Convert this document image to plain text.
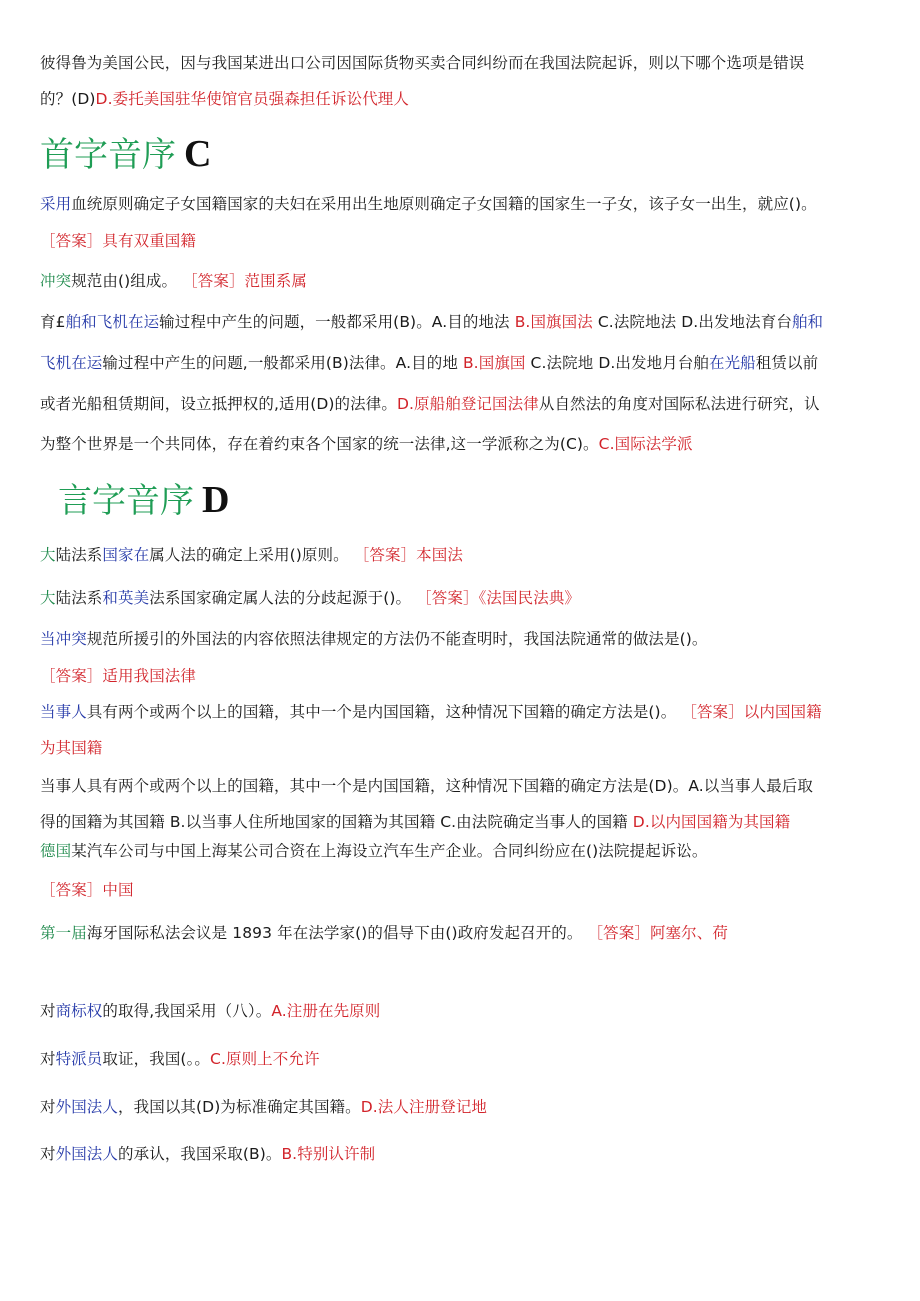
彼得鲁为美国公民，因与我国某进出口公司因国际货物买卖合同纠纷而在我国法院起诉，则以下哪个选项是错误
的？(D)D.委托美国驻华使馆官员强森担任诉讼代理人
首字音序 C
采用血统原则确定子女国籍国家的夫妇在采用出生地原则确定子女国籍的国家生一子女，该子女一出生，就应()。
［答案］具有双重国籍
冲突规范由()组成。 ［答案］范围系属
育£舶和飞机在运输过程中产生的问题，一般都采用(B)。A.目的地法 B.国旗国法 C.法院地法 D.出发地法育台舶和
飞机在运输过程中产生的问题,一般都采用(B)法律。A.目的地 B.国旗国 C.法院地 D.出发地月台舶在光船租赁以前
或者光船租赁期间，设立抵押权的,适用(D)的法律。D.原船舶登记国法律从自然法的角度对国际私法进行研究，认
为整个世界是一个共同体，存在着约束各个国家的统一法律,这一学派称之为(C)。C.国际法学派
言字音序 D
大陆法系国家在属人法的确定上采用()原则。 ［答案］本国法
大陆法系和英美法系国家确定属人法的分歧起源于()。 ［答案］《法国民法典》
当冲突规范所援引的外国法的内容依照法律规定的方法仍不能查明时，我国法院通常的做法是()。
［答案］适用我国法律
当事人具有两个或两个以上的国籍，其中一个是内国国籍，这种情况下国籍的确定方法是()。 ［答案］以内国国籍
为其国籍
当事人具有两个或两个以上的国籍，其中一个是内国国籍，这种情况下国籍的确定方法是(D)。A.以当事人最后取
得的国籍为其国籍 B.以当事人住所地国家的国籍为其国籍 C.由法院确定当事人的国籍 D.以内国国籍为其国籍
德国某汽车公司与中国上海某公司合资在上海设立汽车生产企业。合同纠纷应在()法院提起诉讼。
［答案］中国
第一届海牙国际私法会议是 1893 年在法学家()的倡导下由()政府发起召开的。 ［答案］阿塞尔、荷
对商标权的取得,我国采用（八）。A.注册在先原则
对特派员取证，我国(。。C.原则上不允许
对外国法人，我国以其(D)为标准确定其国籍。D.法人注册登记地
对外国法人的承认，我国采取(B)。B.特别认许制
